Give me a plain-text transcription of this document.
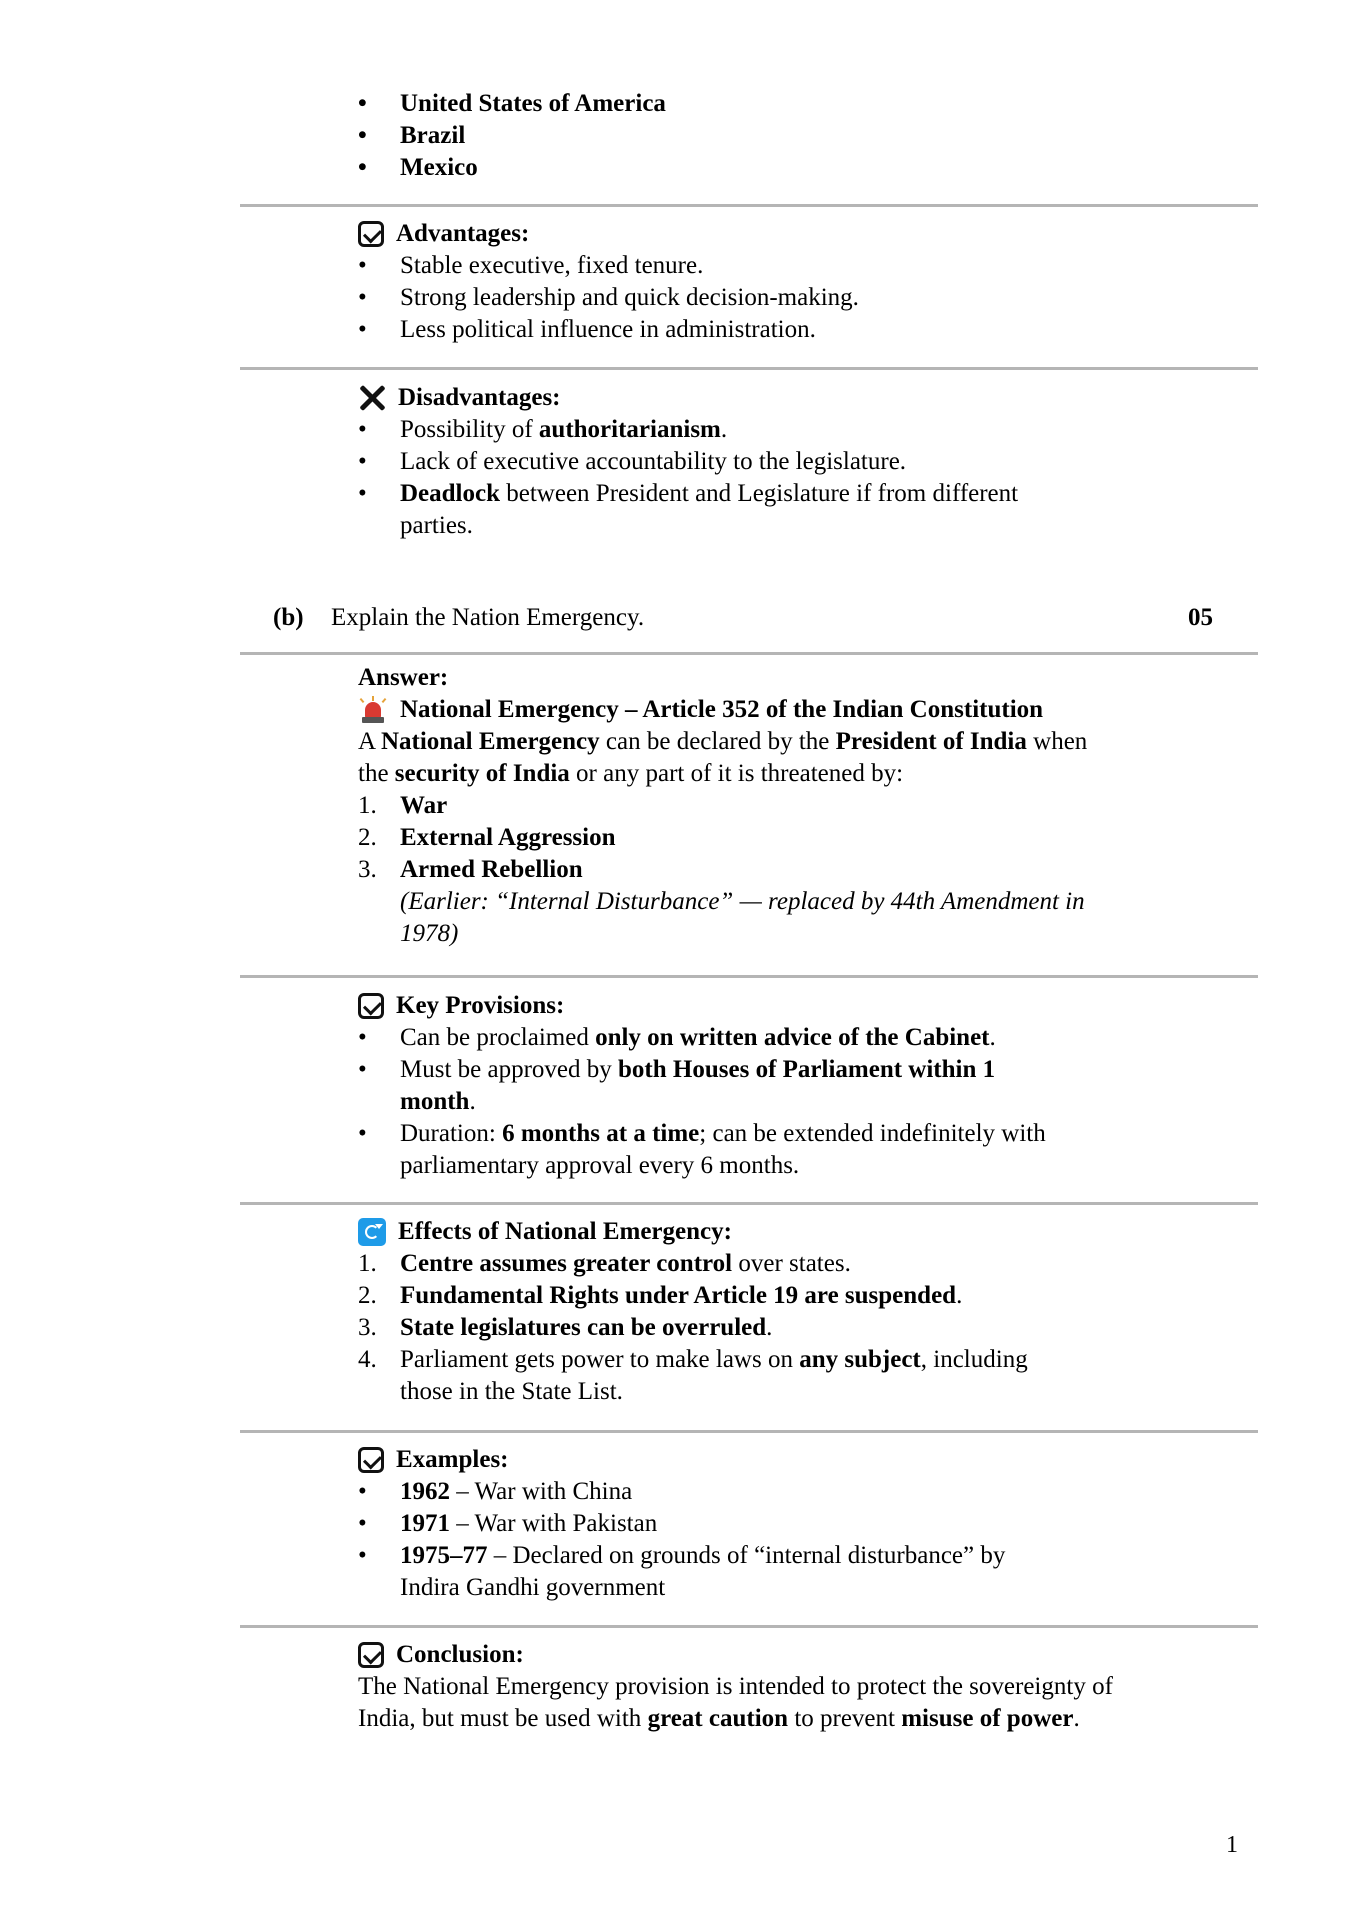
• United States of America
• Brazil
• Mexico
Advantages:
• Stable executive, fixed tenure.
• Strong leadership and quick decision-making.
• Less political influence in administration.
Disadvantages:
• Possibility of authoritarianism.
• Lack of executive accountability to the legislature.
• Deadlock between President and Legislature if from different parties.
(b) Explain the Nation Emergency.	05
Answer:
National Emergency – Article 352 of the Indian Constitution
A National Emergency can be declared by the President of India when the security of India or any part of it is threatened by:
1. War
2. External Aggression
3. Armed Rebellion
(Earlier: “Internal Disturbance” — replaced by 44th Amendment in 1978)
Key Provisions:
• Can be proclaimed only on written advice of the Cabinet.
• Must be approved by both Houses of Parliament within 1 month.
• Duration: 6 months at a time; can be extended indefinitely with parliamentary approval every 6 months.
Effects of National Emergency:
1. Centre assumes greater control over states.
2. Fundamental Rights under Article 19 are suspended.
3. State legislatures can be overruled.
4. Parliament gets power to make laws on any subject, including those in the State List.
Examples:
• 1962 – War with China
• 1971 – War with Pakistan
• 1975–77 – Declared on grounds of “internal disturbance” by Indira Gandhi government
Conclusion:
The National Emergency provision is intended to protect the sovereignty of India, but must be used with great caution to prevent misuse of power.
1
